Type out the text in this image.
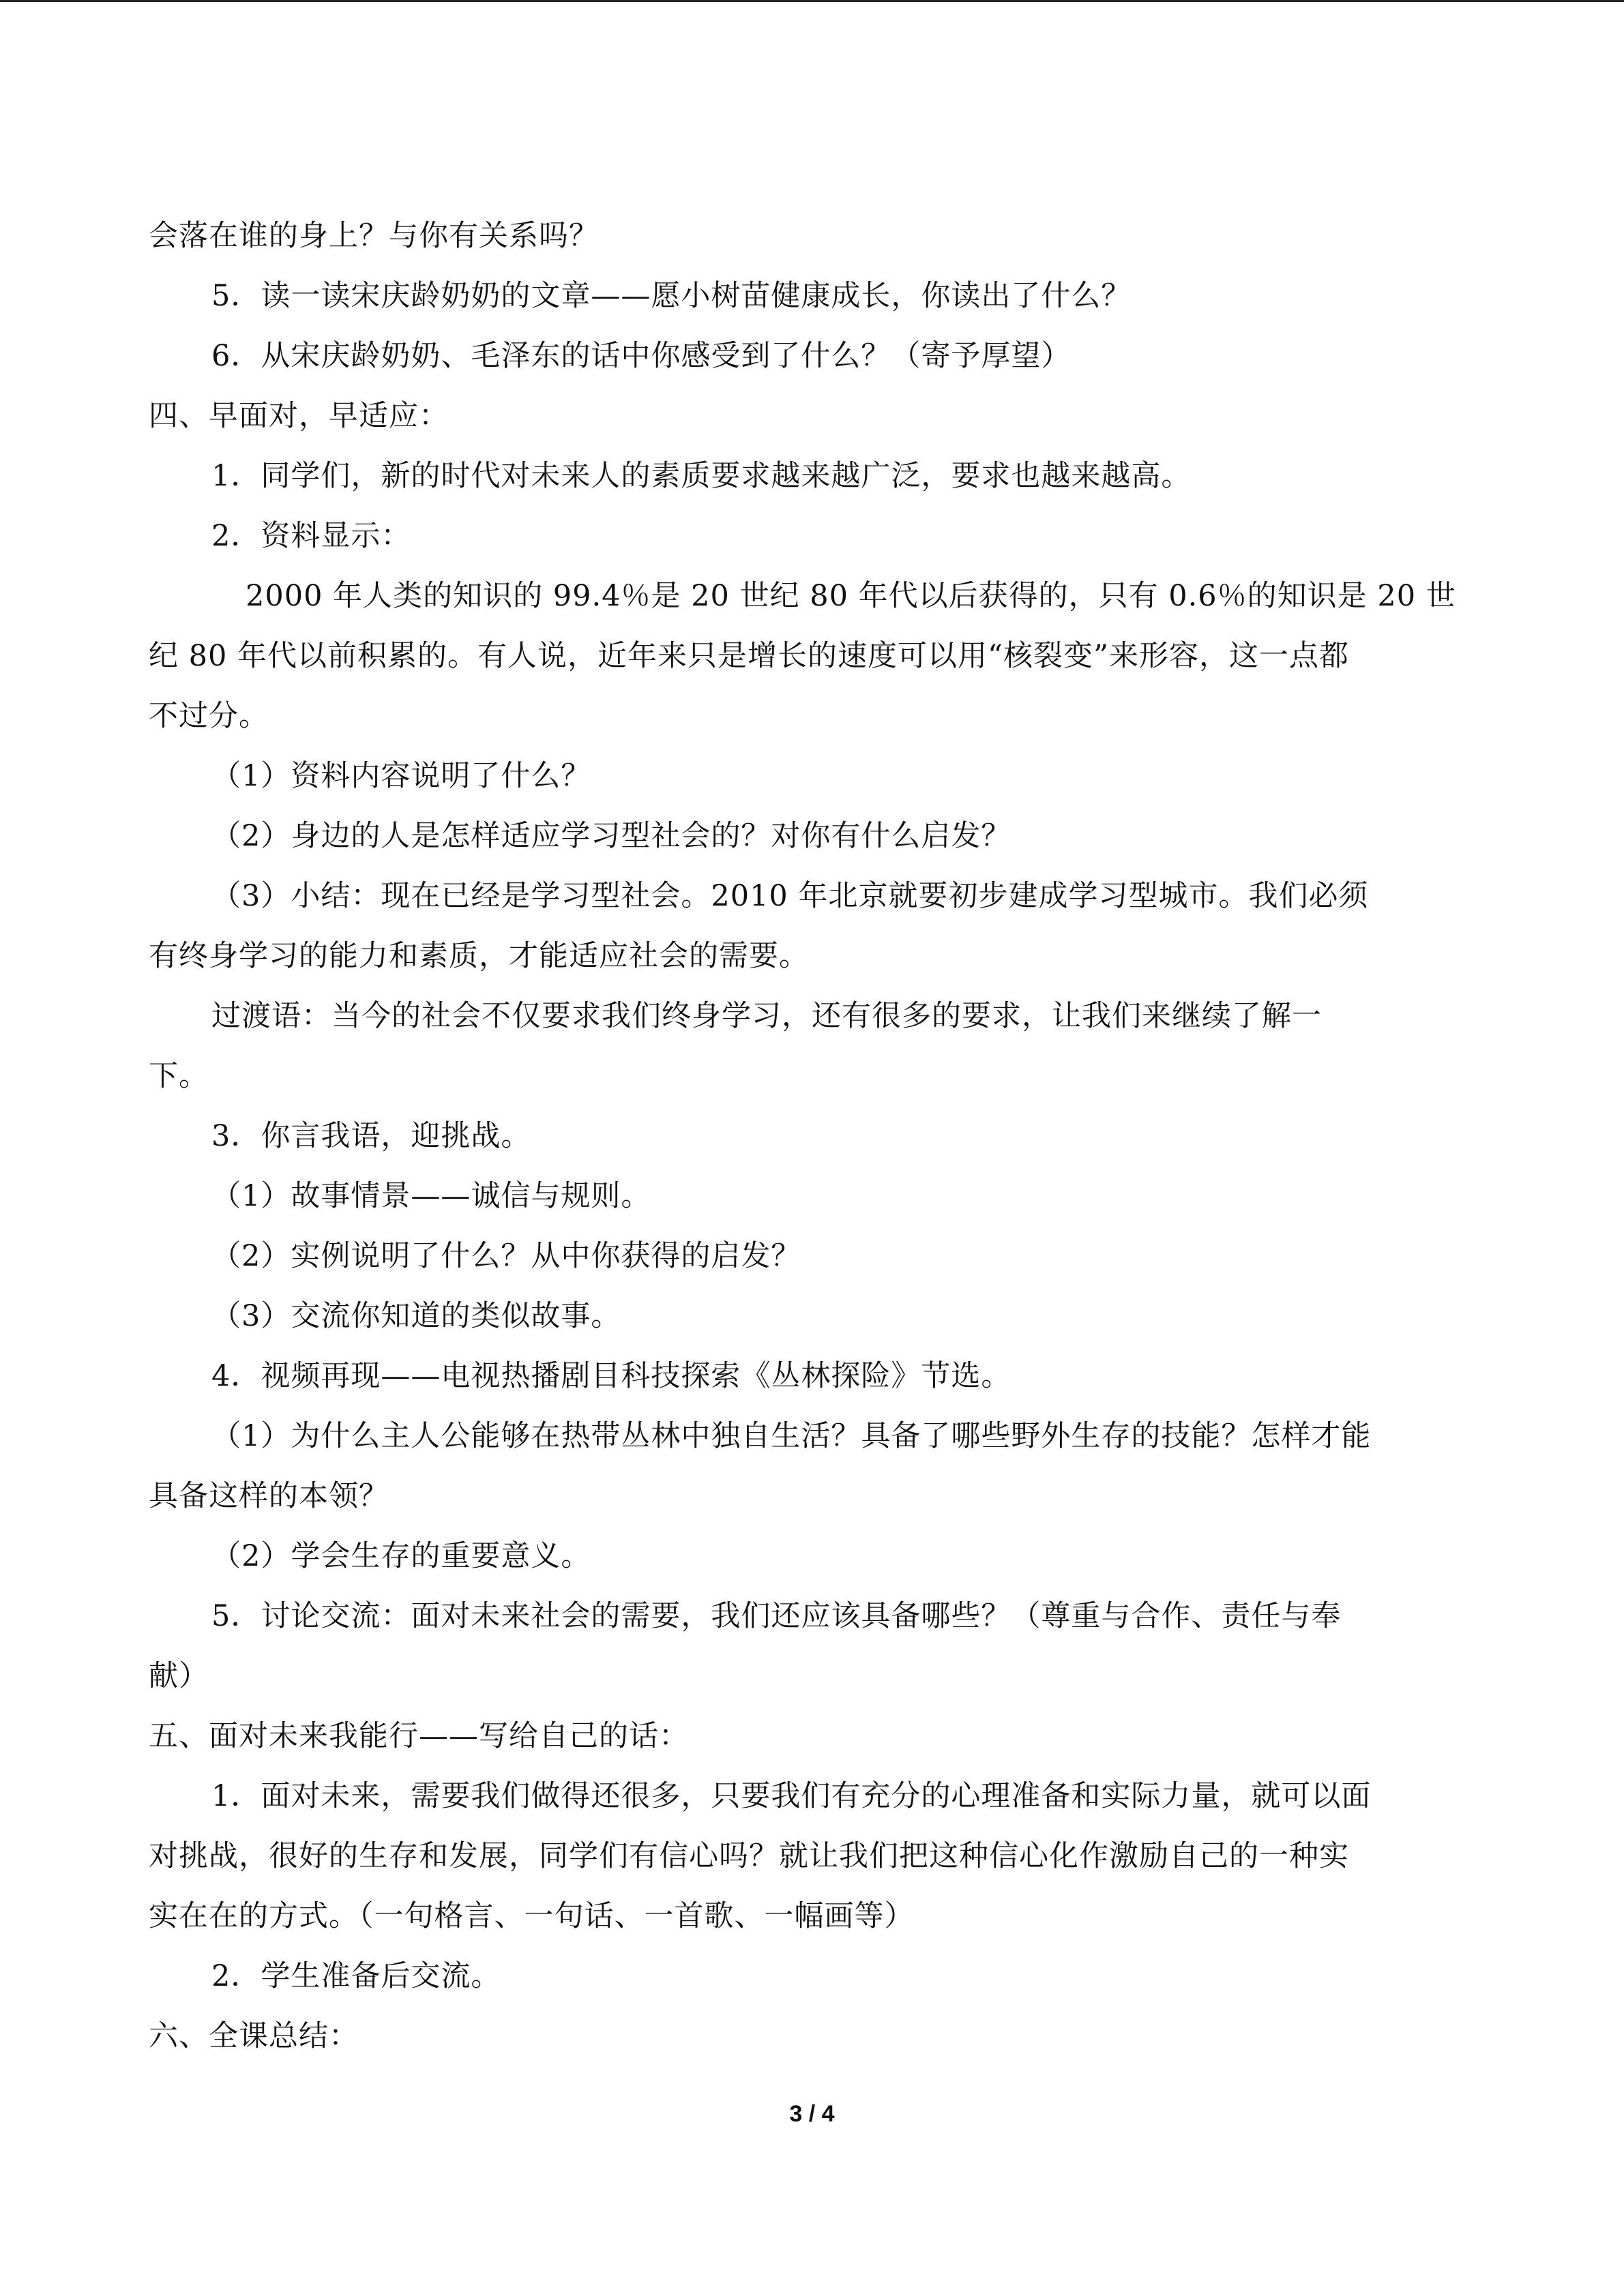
会落在谁的身上？与你有关系吗？
5．读一读宋庆龄奶奶的文章——愿小树苗健康成长，你读出了什么？
6．从宋庆龄奶奶、毛泽东的话中你感受到了什么？（寄予厚望）
四、早面对，早适应：
1．同学们，新的时代对未来人的素质要求越来越广泛，要求也越来越高。
2．资料显示：
2000 年人类的知识的 99.4％是 20 世纪 80 年代以后获得的，只有 0.6％的知识是 20 世
纪 80 年代以前积累的。有人说，近年来只是增长的速度可以用“核裂变”来形容，这一点都
不过分。
（1）资料内容说明了什么？
（2）身边的人是怎样适应学习型社会的？对你有什么启发？
（3）小结：现在已经是学习型社会。2010 年北京就要初步建成学习型城市。我们必须
有终身学习的能力和素质，才能适应社会的需要。
过渡语：当今的社会不仅要求我们终身学习，还有很多的要求，让我们来继续了解一
下。
3．你言我语，迎挑战。
（1）故事情景——诚信与规则。
（2）实例说明了什么？从中你获得的启发？
（3）交流你知道的类似故事。
4．视频再现——电视热播剧目科技探索《丛林探险》节选。
（1）为什么主人公能够在热带丛林中独自生活？具备了哪些野外生存的技能？怎样才能
具备这样的本领？
（2）学会生存的重要意义。
5．讨论交流：面对未来社会的需要，我们还应该具备哪些？（尊重与合作、责任与奉
献）
五、面对未来我能行——写给自己的话：
1．面对未来，需要我们做得还很多，只要我们有充分的心理准备和实际力量，就可以面
对挑战，很好的生存和发展，同学们有信心吗？就让我们把这种信心化作激励自己的一种实
实在在的方式。（一句格言、一句话、一首歌、一幅画等）
2．学生准备后交流。
六、全课总结：
3 / 4
